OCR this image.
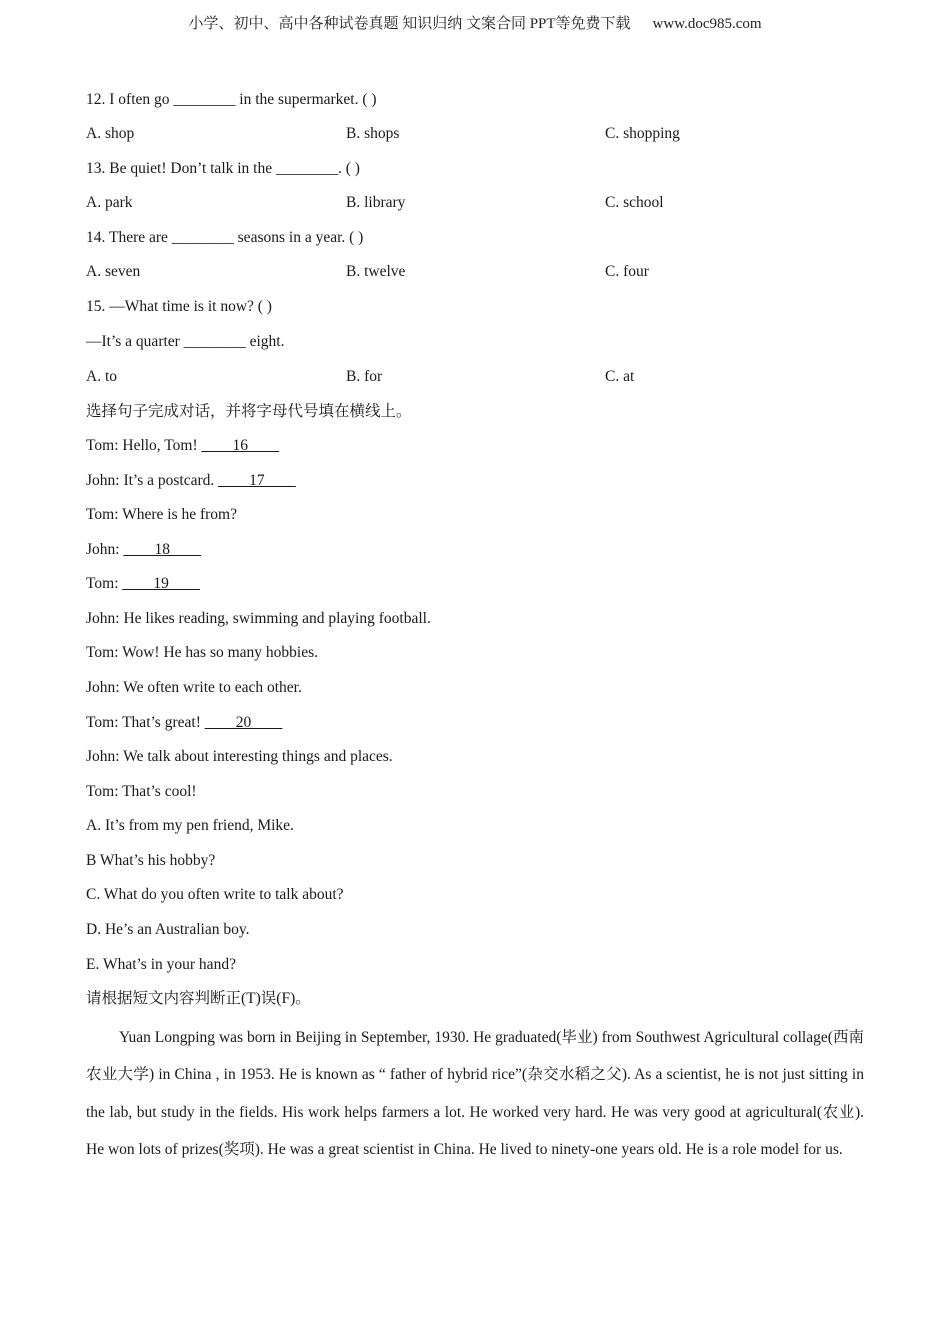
小学、初中、高中各种试卷真题 知识归纳 文案合同 PPT等免费下载 www.doc985.com
12. I often go ________ in the supermarket. ( )
A. shop	B. shops	C. shopping
13. Be quiet! Don’t talk in the ________. ( )
A. park	B. library	C. school
14. There are ________ seasons in a year. ( )
A. seven	B. twelve	C. four
15. —What time is it now? ( )
—It’s a quarter ________ eight.
A. to	B. for	C. at
选择句子完成对话，并将字母代号填在横线上。
Tom: Hello, Tom! ____16____
John: It’s a postcard. ____17____
Tom: Where is he from?
John: ____18____
Tom: ____19____
John: He likes reading, swimming and playing football.
Tom: Wow! He has so many hobbies.
John: We often write to each other.
Tom: That’s great! ____20____
John: We talk about interesting things and places.
Tom: That’s cool!
A. It’s from my pen friend, Mike.
B What’s his hobby?
C. What do you often write to talk about?
D. He’s an Australian boy.
E. What’s in your hand?
请根据短文内容判断正(T)误(F)。
Yuan Longping was born in Beijing in September, 1930. He graduated(毕业) from Southwest Agricultural collage(西南农业大学) in China , in 1953. He is known as “ father of hybrid rice”(杂交水稻之父). As a scientist, he is not just sitting in the lab, but study in the fields. His work helps farmers a lot. He worked very hard. He was very good at agricultural(农业). He won lots of prizes(奖项). He was a great scientist in China. He lived to ninety-one years old. He is a role model for us.
